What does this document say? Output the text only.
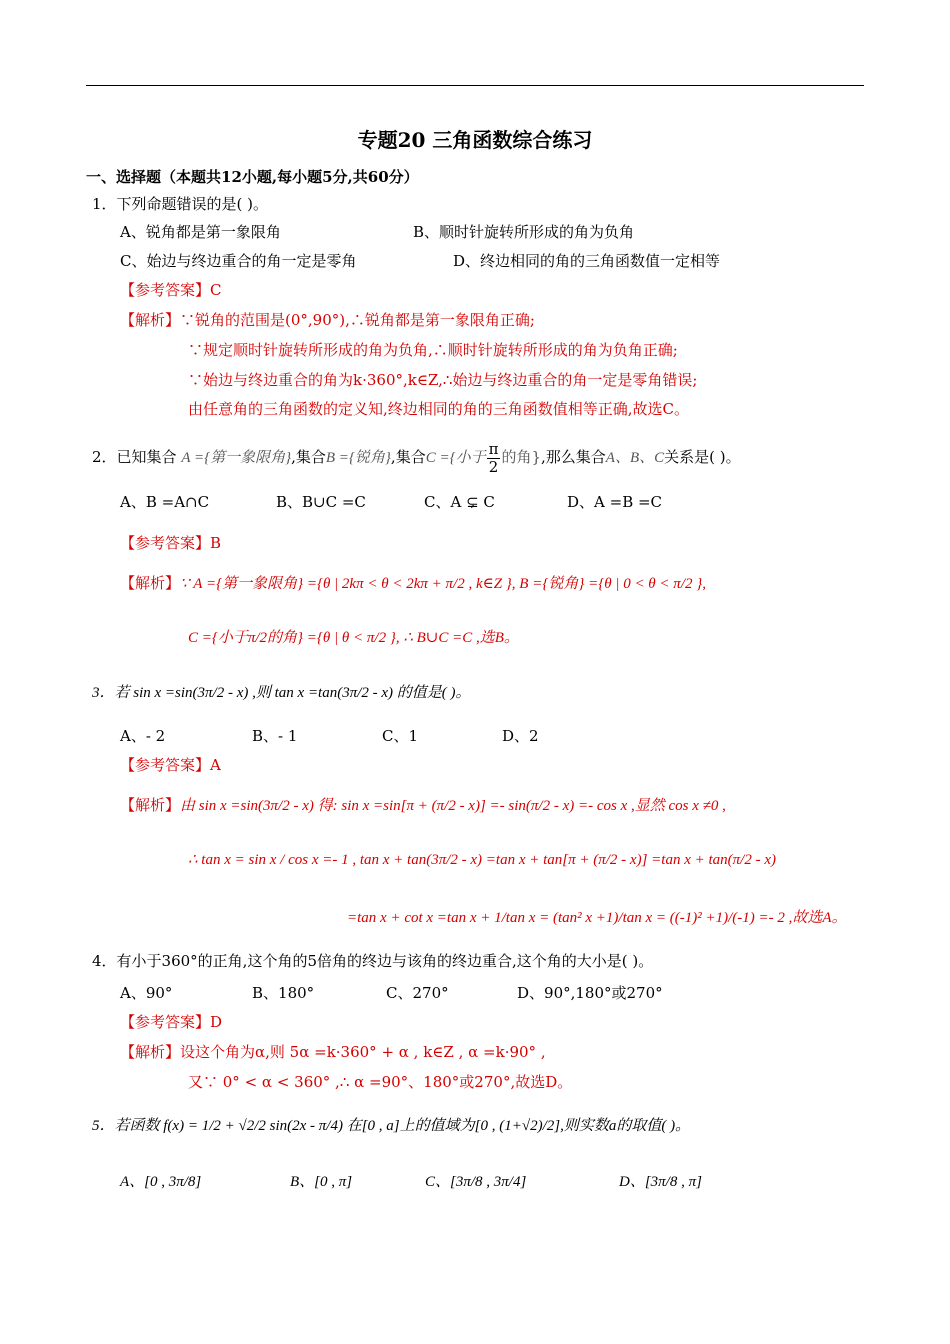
专题20 三角函数综合练习
一、选择题（本题共12小题,每小题5分,共60分）
1．下列命题错误的是( )。
A、锐角都是第一象限角	B、顺时针旋转所形成的角为负角
C、始边与终边重合的角一定是零角	D、终边相同的角的三角函数值一定相等
【参考答案】C
【解析】∵锐角的范围是(0°,90°),∴锐角都是第一象限角正确;
∵规定顺时针旋转所形成的角为负角,∴顺时针旋转所形成的角为负角正确;
∵始边与终边重合的角为k·360°,k∈Z,∴始边与终边重合的角一定是零角错误;
由任意角的三角函数的定义知,终边相同的角的三角函数值相等正确,故选C。
2．已知集合 A ={第一象限角},集合B ={锐角},集合C ={小于 $\frac{\pi}{2}$ 的角},那么集合A、B、C关系是( )。
A、B =A∩C	B、B∪C =C	C、A ⊊ C	D、A =B =C
【参考答案】B
【解析】∵ A ={第一象限角} ={θ | 2kπ < θ < 2kπ + π/2 , k∈Z }, B ={锐角} ={θ | 0 < θ < π/2 },
C ={小于π/2的角} ={θ | θ < π/2 }, ∴ B∪C =C ,选B。
3．若 sin x =sin(3π/2 - x) ,则 tan x =tan(3π/2 - x) 的值是( )。
A、- 2	B、- 1	C、1	D、2
【参考答案】A
【解析】由 sin x =sin(3π/2 - x) 得: sin x =sin[π + (π/2 - x)] =- sin(π/2 - x) =- cos x ,显然 cos x ≠0 ,
∴ tan x = sin x / cos x =- 1 , tan x + tan(3π/2 - x) =tan x + tan[π + (π/2 - x)] =tan x + tan(π/2 - x)
=tan x + cot x =tan x + 1/tan x = (tan² x +1)/tan x = ((-1)² +1)/(-1) =- 2 ,故选A。
4．有小于360°的正角,这个角的5倍角的终边与该角的终边重合,这个角的大小是( )。
A、90°	B、180°	C、270°	D、90°,180°或270°
【参考答案】D
【解析】设这个角为α,则 5α =k·360° + α , k∈Z , α =k·90° ,
又∵ 0° < α < 360° ,∴ α =90°、180°或270°,故选D。
5．若函数 f(x) = 1/2 + √2/2 sin(2x - π/4) 在[0 , a]上的值域为[0 , (1+√2)/2],则实数a的取值( )。
A、[0 , 3π/8]	B、[0 , π]	C、[3π/8 , 3π/4]	D、[3π/8 , π]
